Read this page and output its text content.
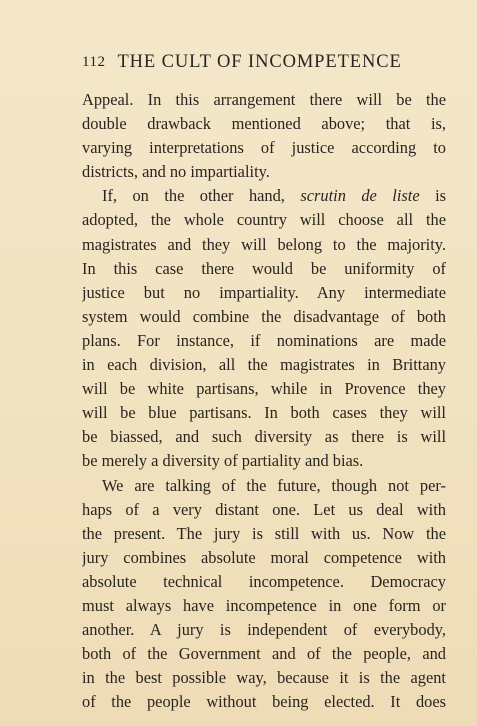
112 THE CULT OF INCOMPETENCE
Appeal. In this arrangement there will be the
double drawback mentioned above; that is,
varying interpretations of justice according to
districts, and no impartiality.
If, on the other hand, scrutin de liste is
adopted, the whole country will choose all the
magistrates and they will belong to the majority.
In this case there would be uniformity of
justice but no impartiality. Any intermediate
system would combine the disadvantage of both
plans. For instance, if nominations are made
in each division, all the magistrates in Brittany
will be white partisans, while in Provence they
will be blue partisans. In both cases they will
be biassed, and such diversity as there is will
be merely a diversity of partiality and bias.
We are talking of the future, though not per-
haps of a very distant one. Let us deal with
the present. The jury is still with us. Now the
jury combines absolute moral competence with
absolute technical incompetence. Democracy
must always have incompetence in one form or
another. A jury is independent of everybody,
both of the Government and of the people, and
in the best possible way, because it is the agent
of the people without being elected. It does
